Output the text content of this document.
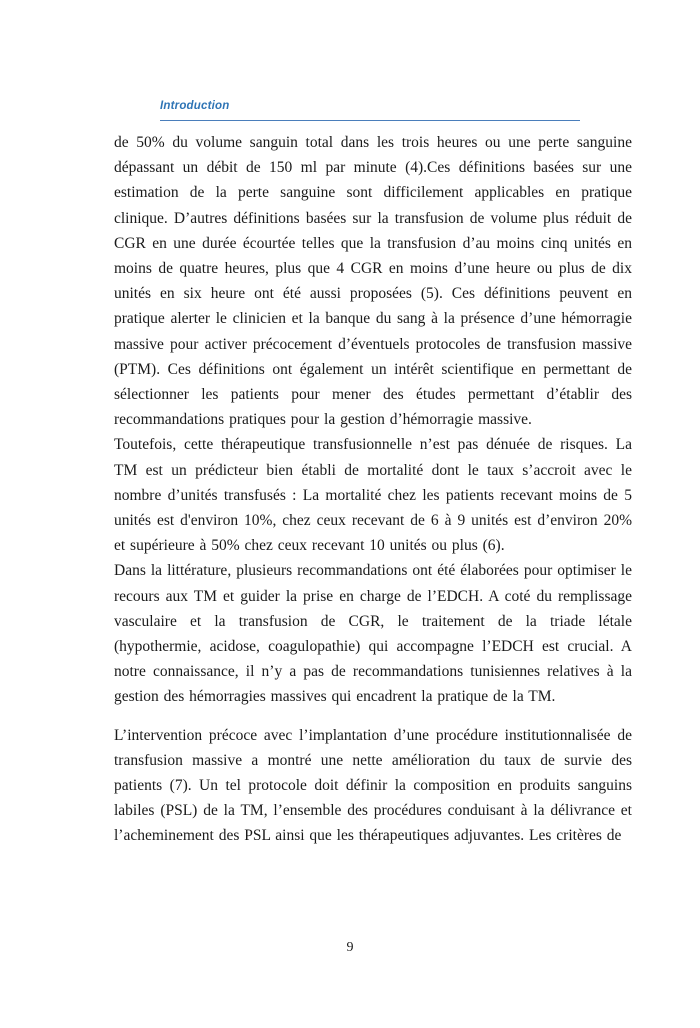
Introduction

de 50% du volume sanguin total dans les trois heures ou une perte sanguine dépassant un débit de 150 ml par minute (4).Ces définitions basées sur une estimation de la perte sanguine sont difficilement applicables en pratique clinique. D’autres définitions basées sur la transfusion de volume plus réduit de CGR en une durée écourtée telles que la transfusion d’au moins cinq unités en moins de quatre heures, plus que 4 CGR en moins d’une heure ou plus de dix unités en six heure ont été aussi proposées (5). Ces définitions peuvent en pratique alerter le clinicien et la banque du sang à la présence d’une hémorragie massive pour activer précocement d’éventuels protocoles de transfusion massive (PTM). Ces définitions ont également un intérêt scientifique en permettant de sélectionner les patients pour mener des études permettant d’établir des recommandations pratiques pour la gestion d’hémorragie massive.

Toutefois, cette thérapeutique transfusionnelle n’est pas dénuée de risques. La TM est un prédicteur bien établi de mortalité dont le taux s’accroit avec le nombre d’unités transfusés : La mortalité chez les patients recevant moins de 5 unités est d'environ 10%, chez ceux recevant de 6 à 9 unités est d’environ 20% et supérieure à 50% chez ceux recevant 10 unités ou plus (6).

Dans la littérature, plusieurs recommandations ont été élaborées pour optimiser le recours aux TM et guider la prise en charge de l’EDCH. A coté du remplissage vasculaire et la transfusion de CGR, le traitement de la triade létale (hypothermie, acidose, coagulopathie) qui accompagne l’EDCH est crucial. A notre connaissance, il n’y a pas de recommandations tunisiennes relatives à la gestion des hémorragies massives qui encadrent la pratique de la TM.

L’intervention précoce avec l’implantation d’une procédure institutionnalisée de transfusion massive a montré une nette amélioration du taux de survie des patients (7). Un tel protocole doit définir la composition en produits sanguins labiles (PSL) de la TM, l’ensemble des procédures conduisant à la délivrance et l’acheminement des PSL ainsi que les thérapeutiques adjuvantes. Les critères de

9
